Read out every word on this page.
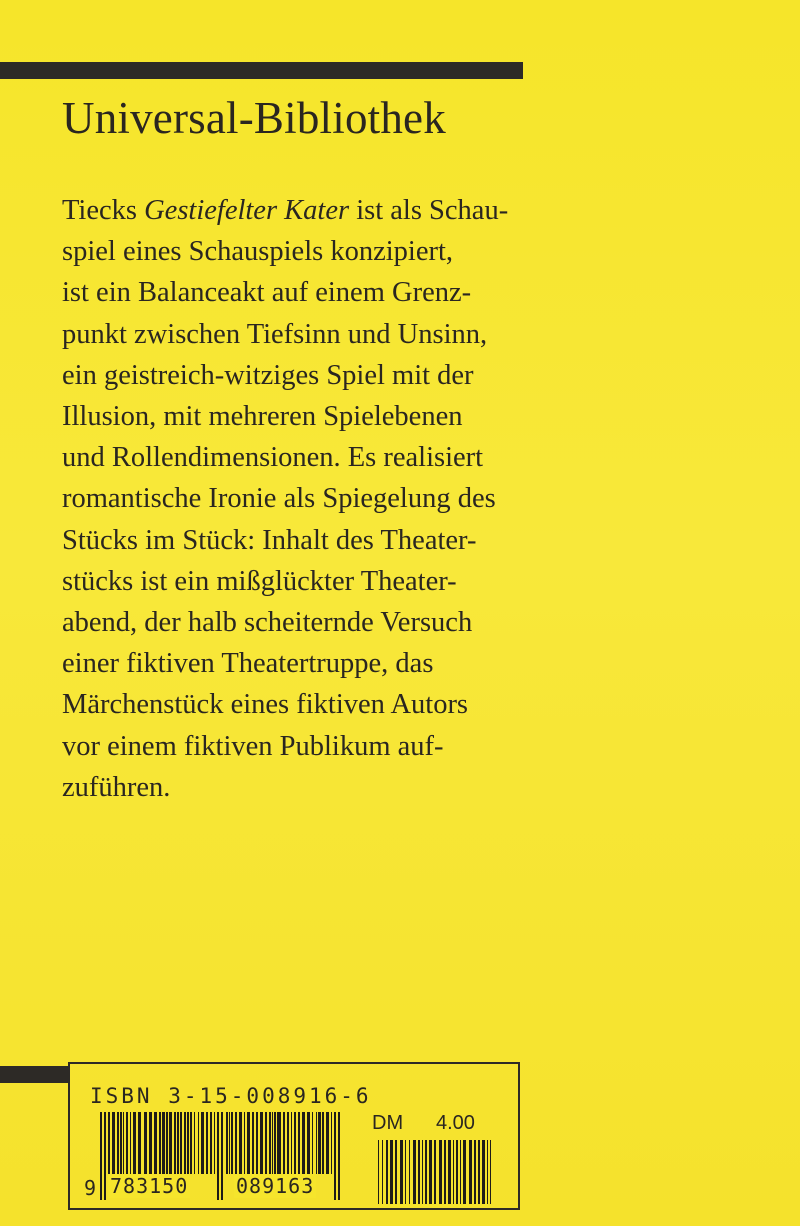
Universal-Bibliothek
Tiecks Gestiefelter Kater ist als Schau-
spiel eines Schauspiels konzipiert,
ist ein Balanceakt auf einem Grenz-
punkt zwischen Tiefsinn und Unsinn,
ein geistreich-witziges Spiel mit der
Illusion, mit mehreren Spielebenen
und Rollendimensionen. Es realisiert
romantische Ironie als Spiegelung des
Stücks im Stück: Inhalt des Theater-
stücks ist ein mißglückter Theater-
abend, der halb scheiternde Versuch
einer fiktiven Theatertruppe, das
Märchenstück eines fiktiven Autors
vor einem fiktiven Publikum auf-
zuführen.
ISBN 3-15-008916-6
9 783150 089163
DM 4.00
